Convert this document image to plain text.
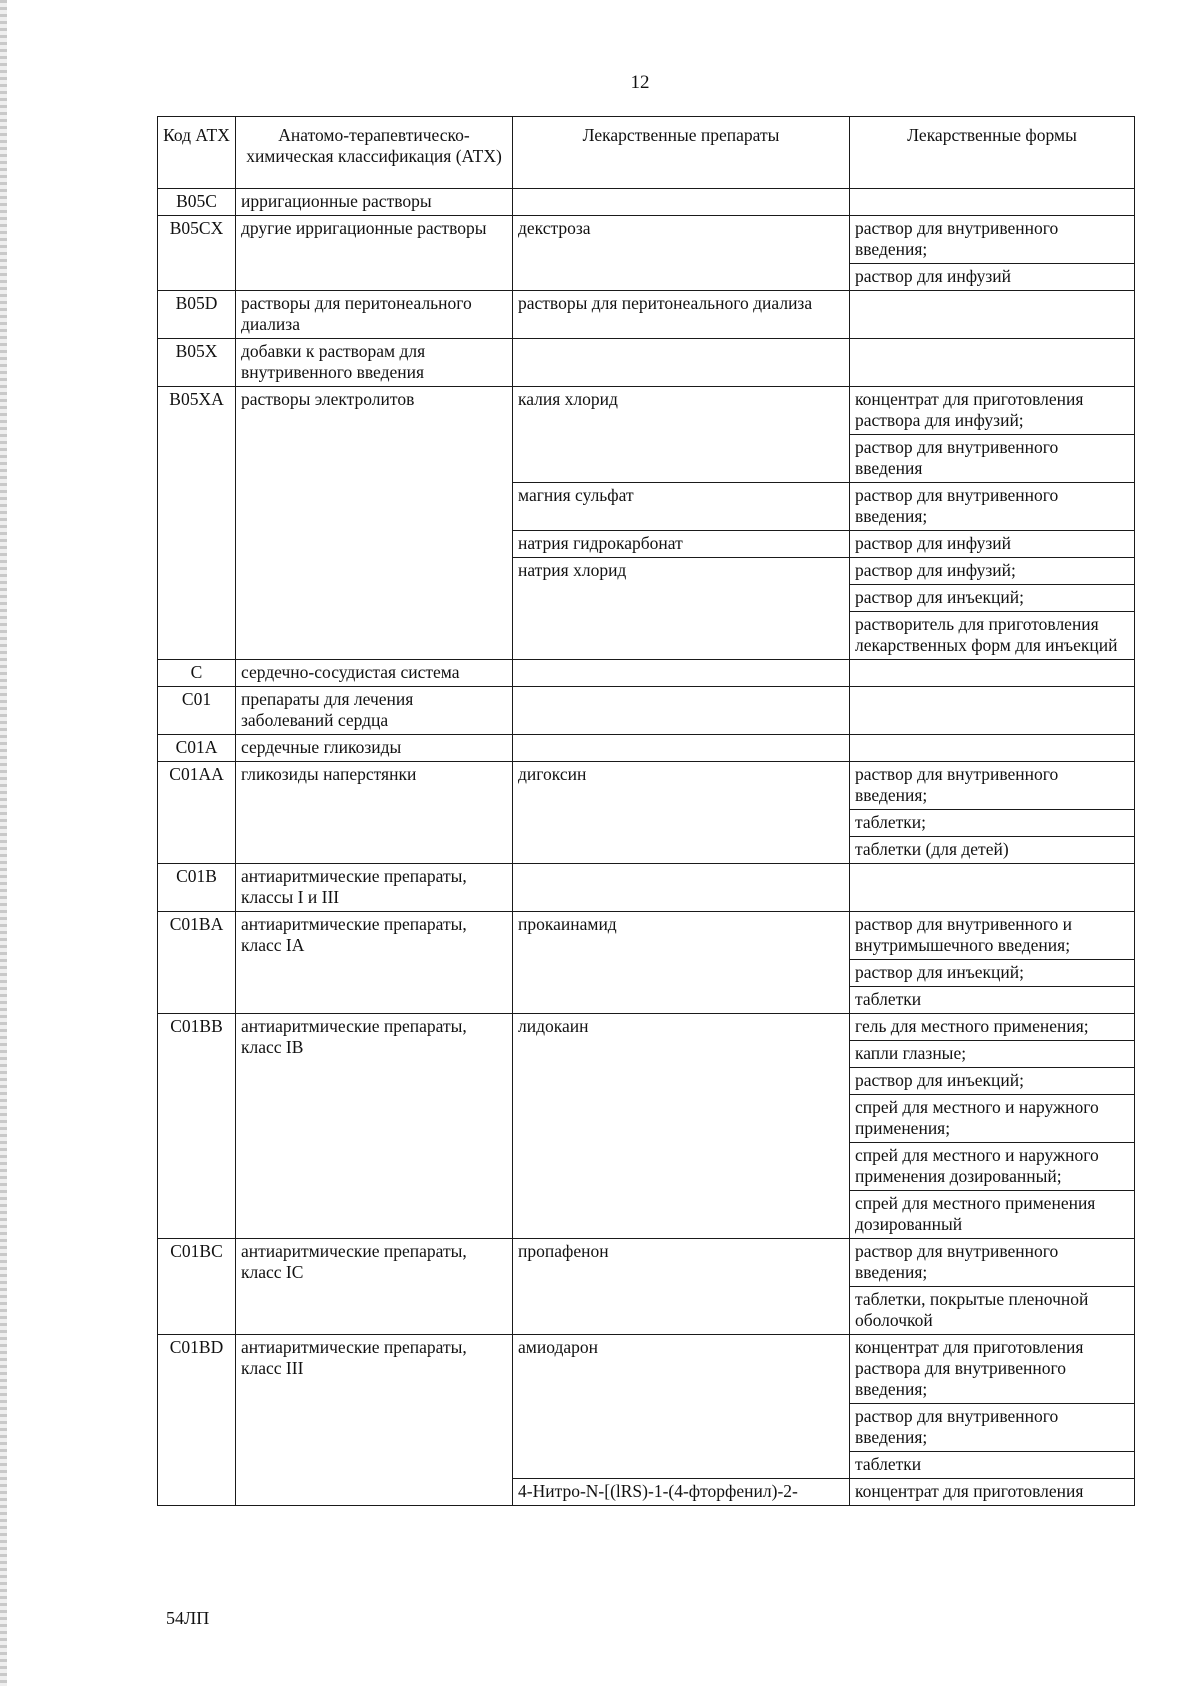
12
Код АТХ	Анатомо-терапевтическо-химическая классификация (АТХ)	Лекарственные препараты	Лекарственные формы
B05C	ирригационные растворы		
B05CX	другие ирригационные растворы	декстроза	раствор для внутривенного введения;
			раствор для инфузий
B05D	растворы для перитонеального диализа	растворы для перитонеального диализа	
B05X	добавки к растворам для внутривенного введения		
B05XA	растворы электролитов	калия хлорид	концентрат для приготовления раствора для инфузий;
			раствор для внутривенного введения
		магния сульфат	раствор для внутривенного введения;
		натрия гидрокарбонат	раствор для инфузий
		натрия хлорид	раствор для инфузий;
			раствор для инъекций;
			растворитель для приготовления лекарственных форм для инъекций
C	сердечно-сосудистая система		
C01	препараты для лечения заболеваний сердца		
C01A	сердечные гликозиды		
C01AA	гликозиды наперстянки	дигоксин	раствор для внутривенного введения;
			таблетки;
			таблетки (для детей)
C01B	антиаритмические препараты, классы I и III		
C01BA	антиаритмические препараты, класс IA	прокаинамид	раствор для внутривенного и внутримышечного введения;
			раствор для инъекций;
			таблетки
C01BB	антиаритмические препараты, класс IB	лидокаин	гель для местного применения;
			капли глазные;
			раствор для инъекций;
			спрей для местного и наружного применения;
			спрей для местного и наружного применения дозированный;
			спрей для местного применения дозированный
C01BC	антиаритмические препараты, класс IC	пропафенон	раствор для внутривенного введения;
			таблетки, покрытые пленочной оболочкой
C01BD	антиаритмические препараты, класс III	амиодарон	концентрат для приготовления раствора для внутривенного введения;
			раствор для внутривенного введения;
			таблетки
		4-Нитро-N-[(lRS)-1-(4-фторфенил)-2-	концентрат для приготовления
54ЛП
